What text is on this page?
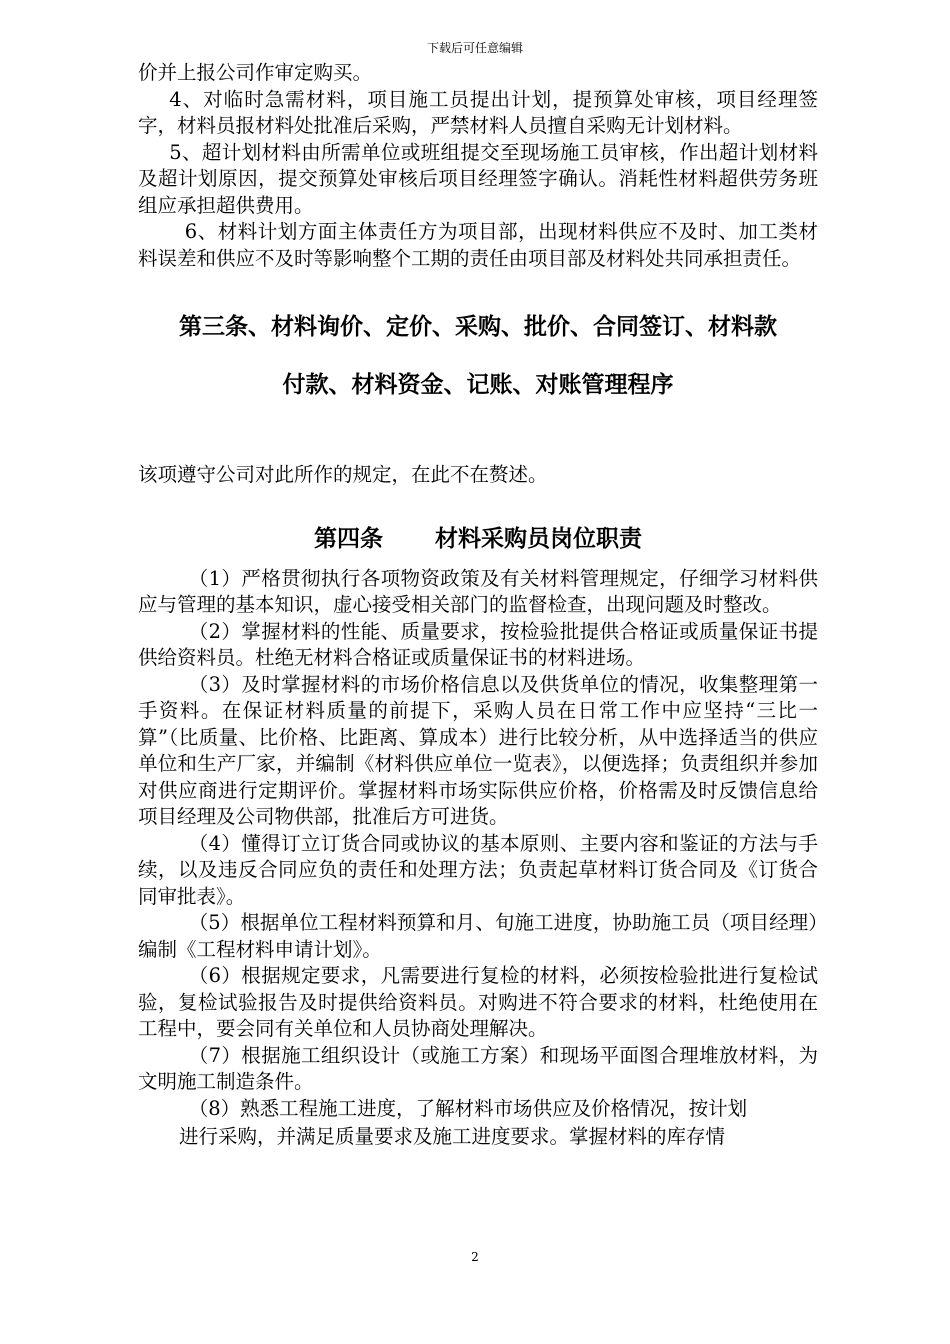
下载后可任意编辑

价并上报公司作审定购买。

4、对临时急需材料，项目施工员提出计划，提预算处审核，项目经理签字，材料员报材料处批准后采购，严禁材料人员擅自采购无计划材料。

5、超计划材料由所需单位或班组提交至现场施工员审核，作出超计划材料及超计划原因，提交预算处审核后项目经理签字确认。消耗性材料超供劳务班组应承担超供费用。

6、材料计划方面主体责任方为项目部，出现材料供应不及时、加工类材料误差和供应不及时等影响整个工期的责任由项目部及材料处共同承担责任。

第三条、材料询价、定价、采购、批价、合同签订、材料款

付款、材料资金、记账、对账管理程序

该项遵守公司对此所作的规定，在此不在赘述。

第四条 材料采购员岗位职责

（1）严格贯彻执行各项物资政策及有关材料管理规定，仔细学习材料供应与管理的基本知识，虚心接受相关部门的监督检查，出现问题及时整改。

（2）掌握材料的性能、质量要求，按检验批提供合格证或质量保证书提供给资料员。杜绝无材料合格证或质量保证书的材料进场。

（3）及时掌握材料的市场价格信息以及供货单位的情况，收集整理第一手资料。在保证材料质量的前提下，采购人员在日常工作中应坚持“三比一算”（比质量、比价格、比距离、算成本）进行比较分析，从中选择适当的供应单位和生产厂家，并编制《材料供应单位一览表》，以便选择；负责组织并参加对供应商进行定期评价。掌握材料市场实际供应价格，价格需及时反馈信息给项目经理及公司物供部，批准后方可进货。

（4）懂得订立订货合同或协议的基本原则、主要内容和鉴证的方法与手续，以及违反合同应负的责任和处理方法；负责起草材料订货合同及《订货合同审批表》。

（5）根据单位工程材料预算和月、旬施工进度，协助施工员（项目经理）编制《工程材料申请计划》。

（6）根据规定要求，凡需要进行复检的材料，必须按检验批进行复检试验，复检试验报告及时提供给资料员。对购进不符合要求的材料，杜绝使用在工程中，要会同有关单位和人员协商处理解决。

（7）根据施工组织设计（或施工方案）和现场平面图合理堆放材料，为文明施工制造条件。

（8）熟悉工程施工进度，了解材料市场供应及价格情况，按计划

进行采购，并满足质量要求及施工进度要求。掌握材料的库存情

2
